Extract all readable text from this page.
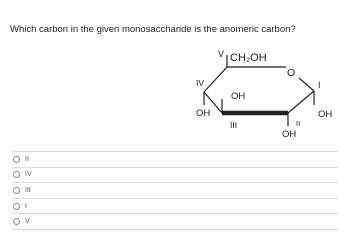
Which carbon in the given monosaccharide is the anomeric carbon?
CH₂OH
V
IV
O
I
OH
OH
III	II
OH
OH
II
IV
III
I
V
